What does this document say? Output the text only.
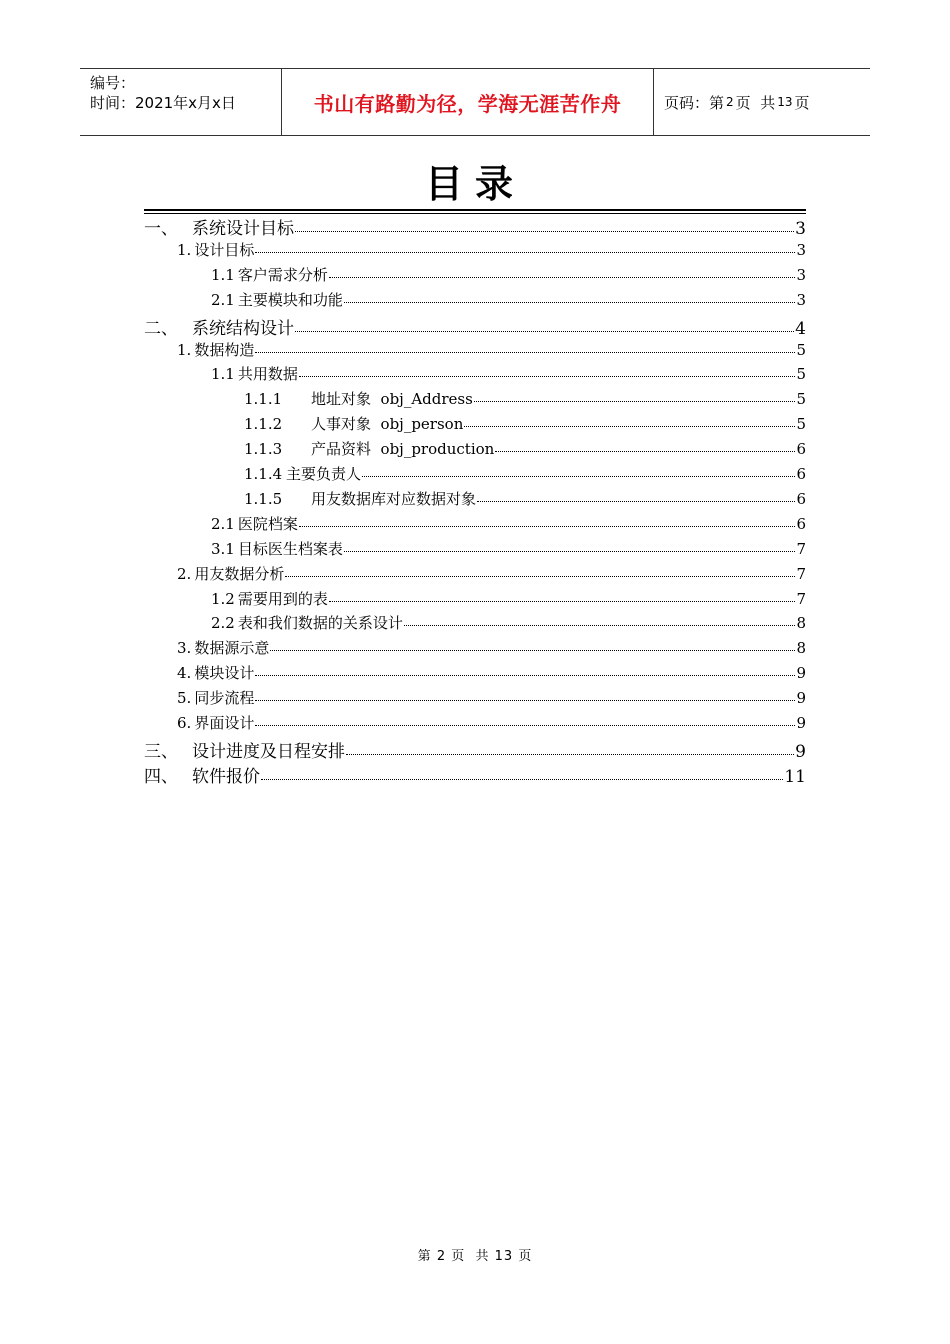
编号：
时间：2021年x月x日	书山有路勤为径，学海无涯苦作舟	页码：第 2 页  共 13 页
目录
一、 系统设计目标	3
1. 设计目标	3
1.1 客户需求分析	3
2.1 主要模块和功能	3
二、 系统结构设计	4
1. 数据构造	5
1.1 共用数据	5
1.1.1 地址对象  obj_Address	5
1.1.2 人事对象  obj_person	5
1.1.3 产品资料  obj_production	6
1.1.4 主要负责人	6
1.1.5 用友数据库对应数据对象	6
2.1 医院档案	6
3.1 目标医生档案表	7
2. 用友数据分析	7
1.2 需要用到的表	7
2.2 表和我们数据的关系设计	8
3. 数据源示意	8
4. 模块设计	9
5. 同步流程	9
6. 界面设计	9
三、 设计进度及日程安排	9
四、 软件报价	11
第 2 页  共 13 页
